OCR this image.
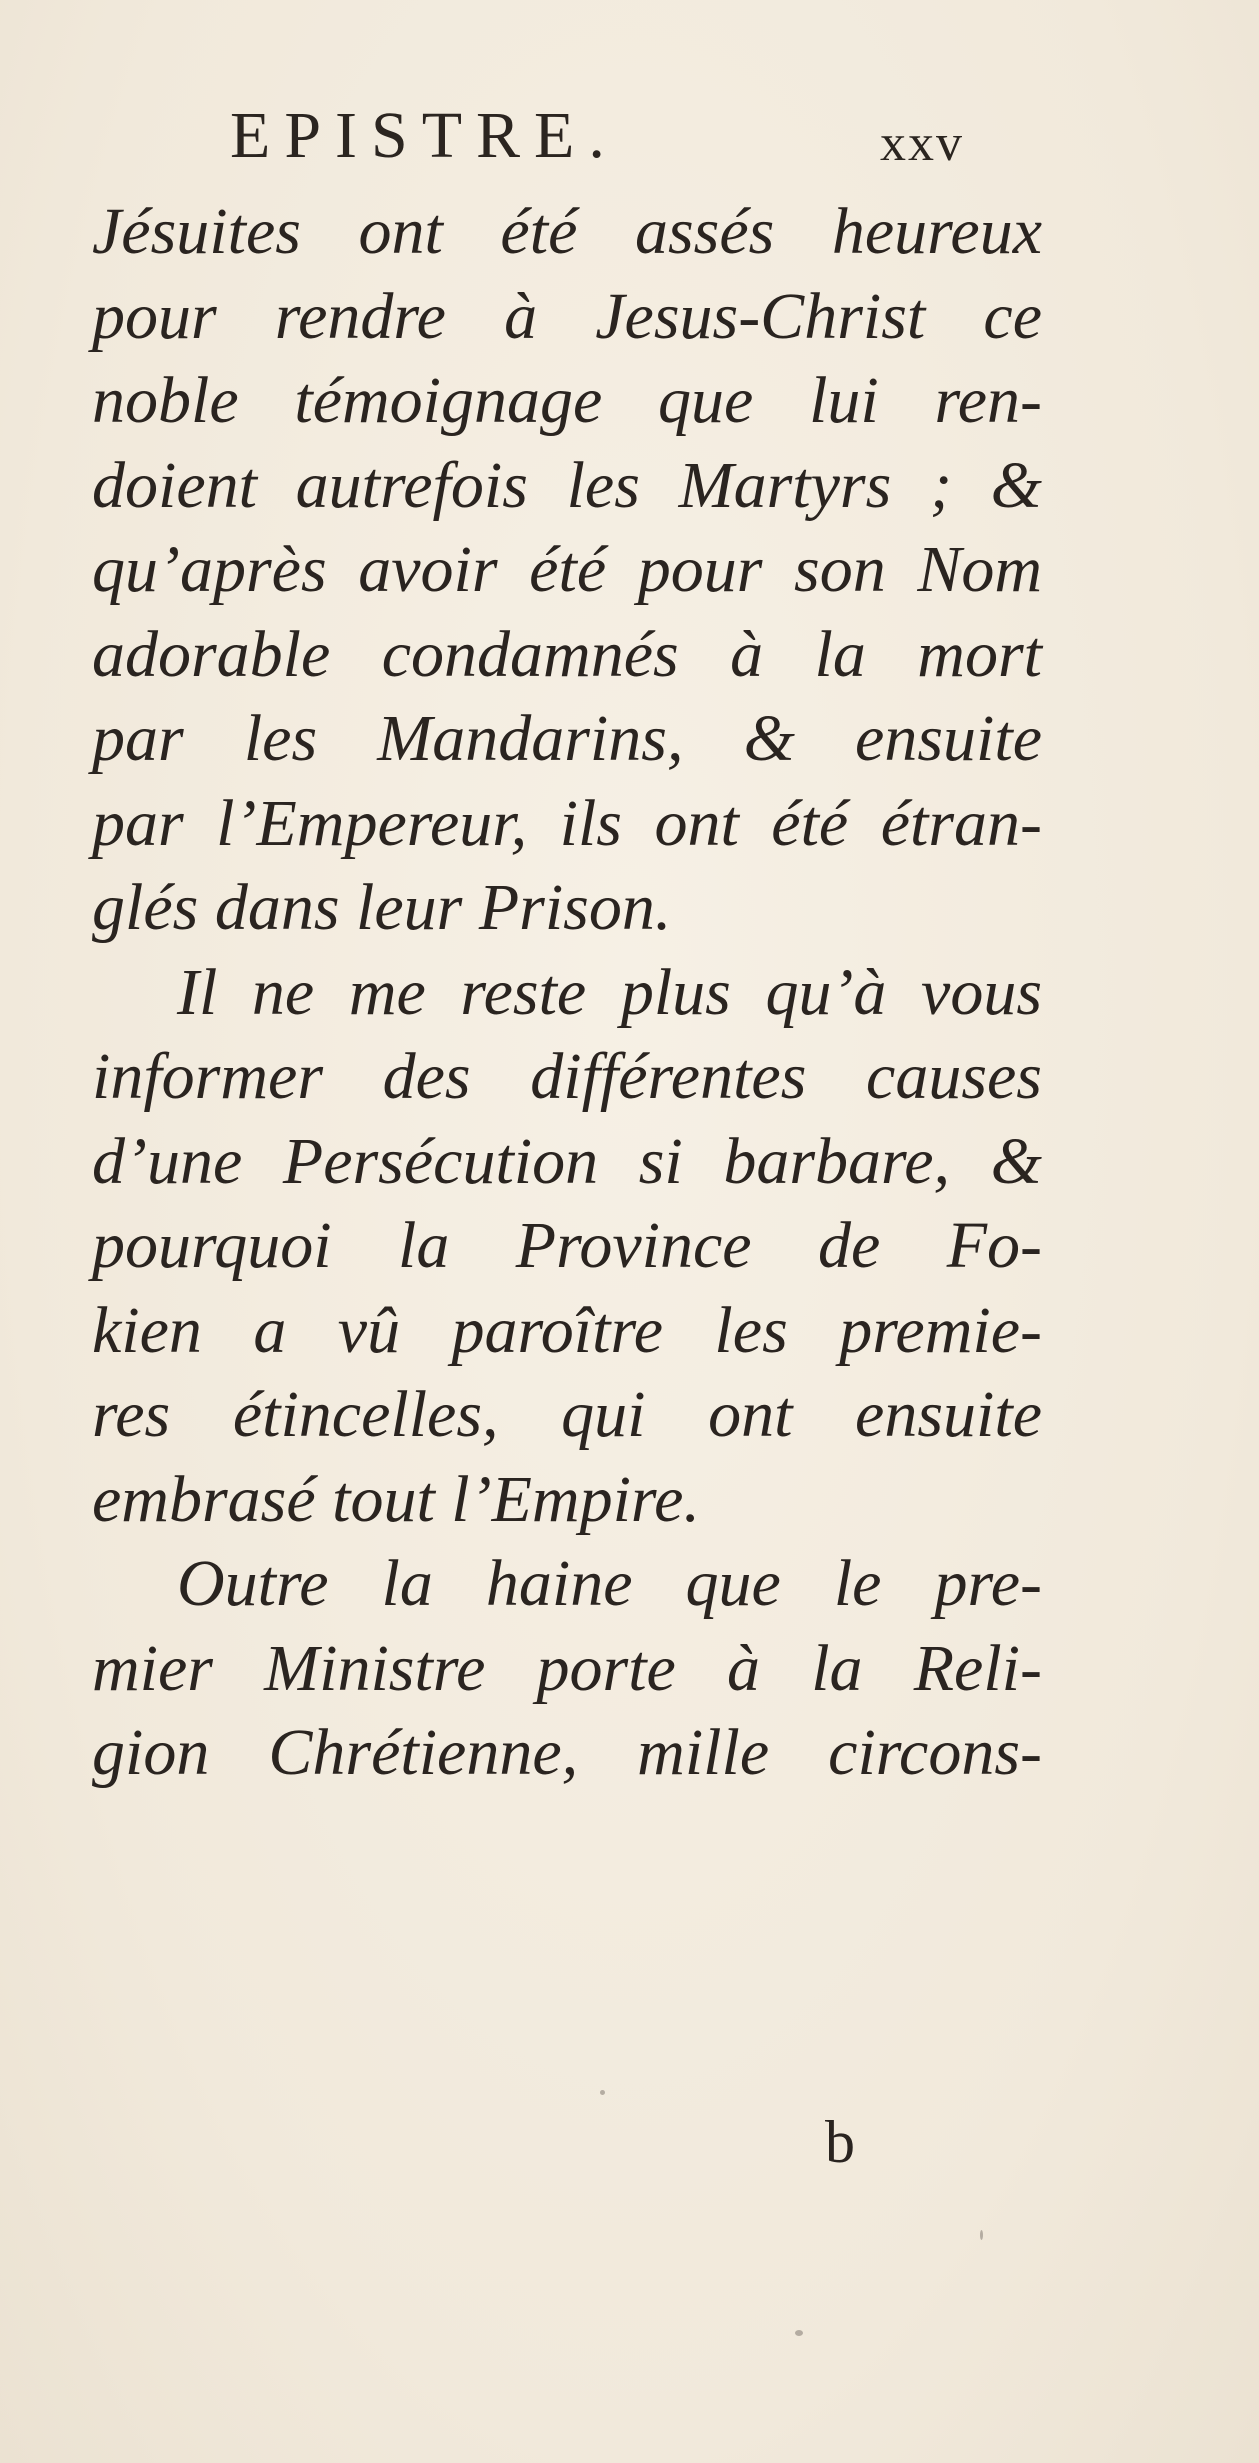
EPISTRE.	xxv
Jésuites ont été assés heureux
pour rendre à Jesus-Christ ce
noble témoignage que lui ren-
doient autrefois les Martyrs ; &
qu’après avoir été pour son Nom
adorable condamnés à la mort
par les Mandarins, & ensuite
par l’Empereur, ils ont été étran-
glés dans leur Prison.
Il ne me reste plus qu’à vous
informer des différentes causes
d’une Persécution si barbare, &
pourquoi la Province de Fo-
kien a vû paroître les premie-
res étincelles, qui ont ensuite
embrasé tout l’Empire.
Outre la haine que le pre-
mier Ministre porte à la Reli-
gion Chrétienne, mille circons-
b
